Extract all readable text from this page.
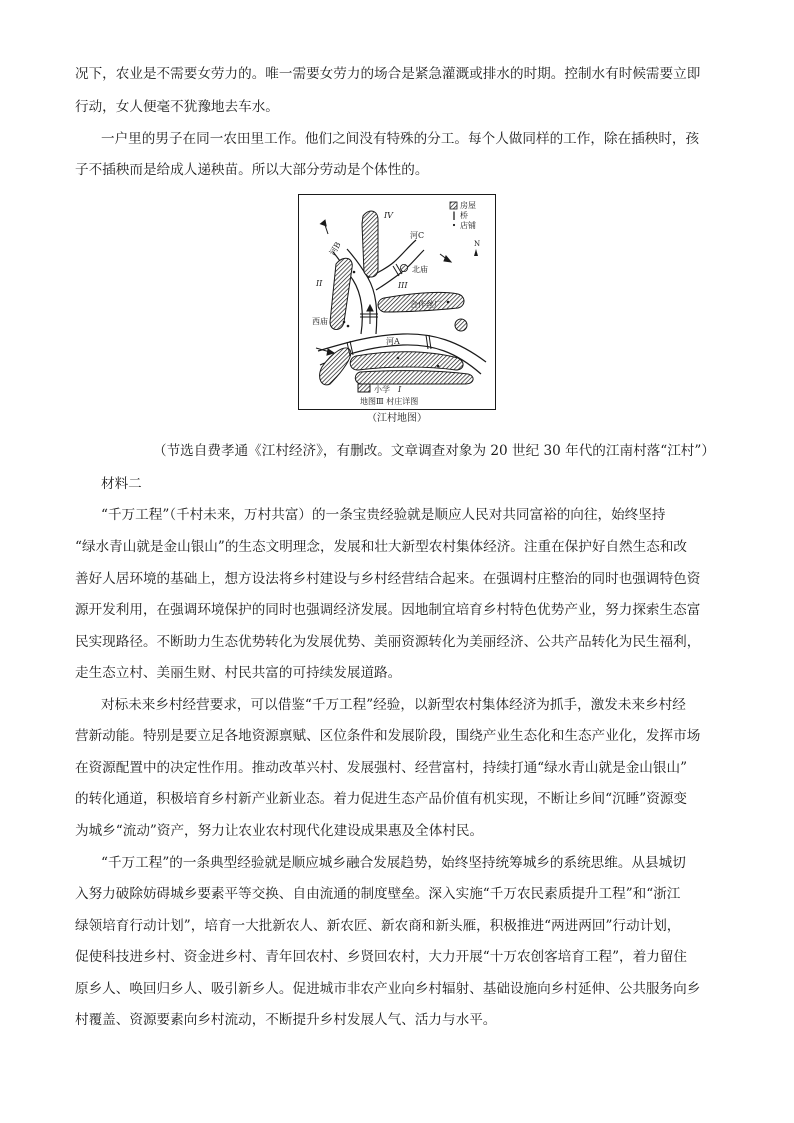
况下，农业是不需要女劳力的。唯一需要女劳力的场合是紧急灌溉或排水的时期。控制水有时候需要立即
行动，女人便毫不犹豫地去车水。
一户里的男子在同一农田里工作。他们之间没有特殊的分工。每个人做同样的工作，除在插秧时，孩
子不插秧而是给成人递秧苗。所以大部分劳动是个体性的。
房屋
‖ 桥
店铺
N
河B
河C
北庙
西庙
合作丝厂
河A
小学 I
II	III
IV
地图Ⅲ 村庄详图
（江村地图）
（节选自费孝通《江村经济》，有删改。文章调查对象为 20 世纪 30 年代的江南村落“江村”）
材料二
“千万工程”（千村未来，万村共富）的一条宝贵经验就是顺应人民对共同富裕的向往，始终坚持
“绿水青山就是金山银山”的生态文明理念，发展和壮大新型农村集体经济。注重在保护好自然生态和改
善好人居环境的基础上，想方设法将乡村建设与乡村经营结合起来。在强调村庄整治的同时也强调特色资
源开发利用，在强调环境保护的同时也强调经济发展。因地制宜培育乡村特色优势产业，努力探索生态富
民实现路径。不断助力生态优势转化为发展优势、美丽资源转化为美丽经济、公共产品转化为民生福利，
走生态立村、美丽生财、村民共富的可持续发展道路。
对标未来乡村经营要求，可以借鉴“千万工程”经验，以新型农村集体经济为抓手，激发未来乡村经
营新动能。特别是要立足各地资源禀赋、区位条件和发展阶段，围绕产业生态化和生态产业化，发挥市场
在资源配置中的决定性作用。推动改革兴村、发展强村、经营富村，持续打通“绿水青山就是金山银山”
的转化通道，积极培育乡村新产业新业态。着力促进生态产品价值有机实现，不断让乡间“沉睡”资源变
为城乡“流动”资产，努力让农业农村现代化建设成果惠及全体村民。
“千万工程”的一条典型经验就是顺应城乡融合发展趋势，始终坚持统筹城乡的系统思维。从县城切
入努力破除妨碍城乡要素平等交换、自由流通的制度壁垒。深入实施“千万农民素质提升工程”和“浙江
绿领培育行动计划”，培育一大批新农人、新农匠、新农商和新头雁，积极推进“两进两回”行动计划，
促使科技进乡村、资金进乡村、青年回农村、乡贤回农村，大力开展“十万农创客培育工程”，着力留住
原乡人、唤回归乡人、吸引新乡人。促进城市非农产业向乡村辐射、基础设施向乡村延伸、公共服务向乡
村覆盖、资源要素向乡村流动，不断提升乡村发展人气、活力与水平。
